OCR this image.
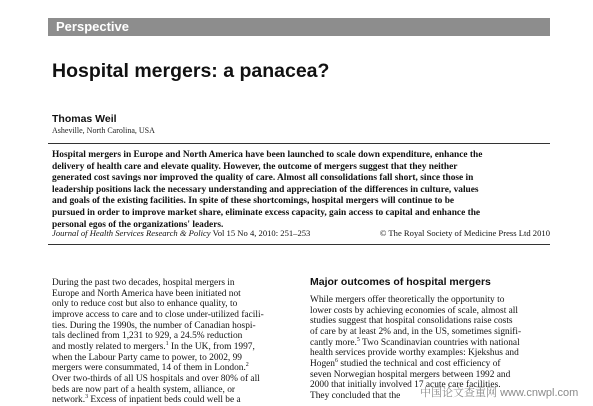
Perspective
Hospital mergers: a panacea?
Thomas Weil
Asheville, North Carolina, USA

Hospital mergers in Europe and North America have been launched to scale down expenditure, enhance the

delivery of health care and elevate quality. However, the outcome of mergers suggest that they neither

generated cost savings nor improved the quality of care. Almost all consolidations fall short, since those in

leadership positions lack the necessary understanding and appreciation of the differences in culture, values

and goals of the existing facilities. In spite of these shortcomings, hospital mergers will continue to be

pursued in order to improve market share, eliminate excess capacity, gain access to capital and enhance the

personal egos of the organizations' leaders.

Journal of Health Services Research & Policy Vol 15 No 4, 2010: 251–253	© The Royal Society of Medicine Press Ltd 2010

During the past two decades, hospital mergers in

Europe and North America have been initiated not

only to reduce cost but also to enhance quality, to

improve access to care and to close under-utilized facili-

ties. During the 1990s, the number of Canadian hospi-

tals declined from 1,231 to 929, a 24.5% reduction

and mostly related to mergers.$^1$ In the UK, from 1997,

when the Labour Party came to power, to 2002, 99

mergers were consummated, 14 of them in London.$^2$

Over two-thirds of all US hospitals and over 80% of all

beds are now part of a health system, alliance, or

network.$^3$ Excess of inpatient beds could well be a

Major outcomes of hospital mergers

While mergers offer theoretically the opportunity to

lower costs by achieving economies of scale, almost all

studies suggest that hospital consolidations raise costs

of care by at least 2% and, in the US, sometimes signifi-

cantly more.$^5$ Two Scandinavian countries with national

health services provide worthy examples: Kjekshus and

Hogen$^6$ studied the technical and cost efficiency of

seven Norwegian hospital mergers between 1992 and

2000 that initially involved 17 acute care facilities.

They concluded that the	中国论文查重网 www.cnwpl.com
